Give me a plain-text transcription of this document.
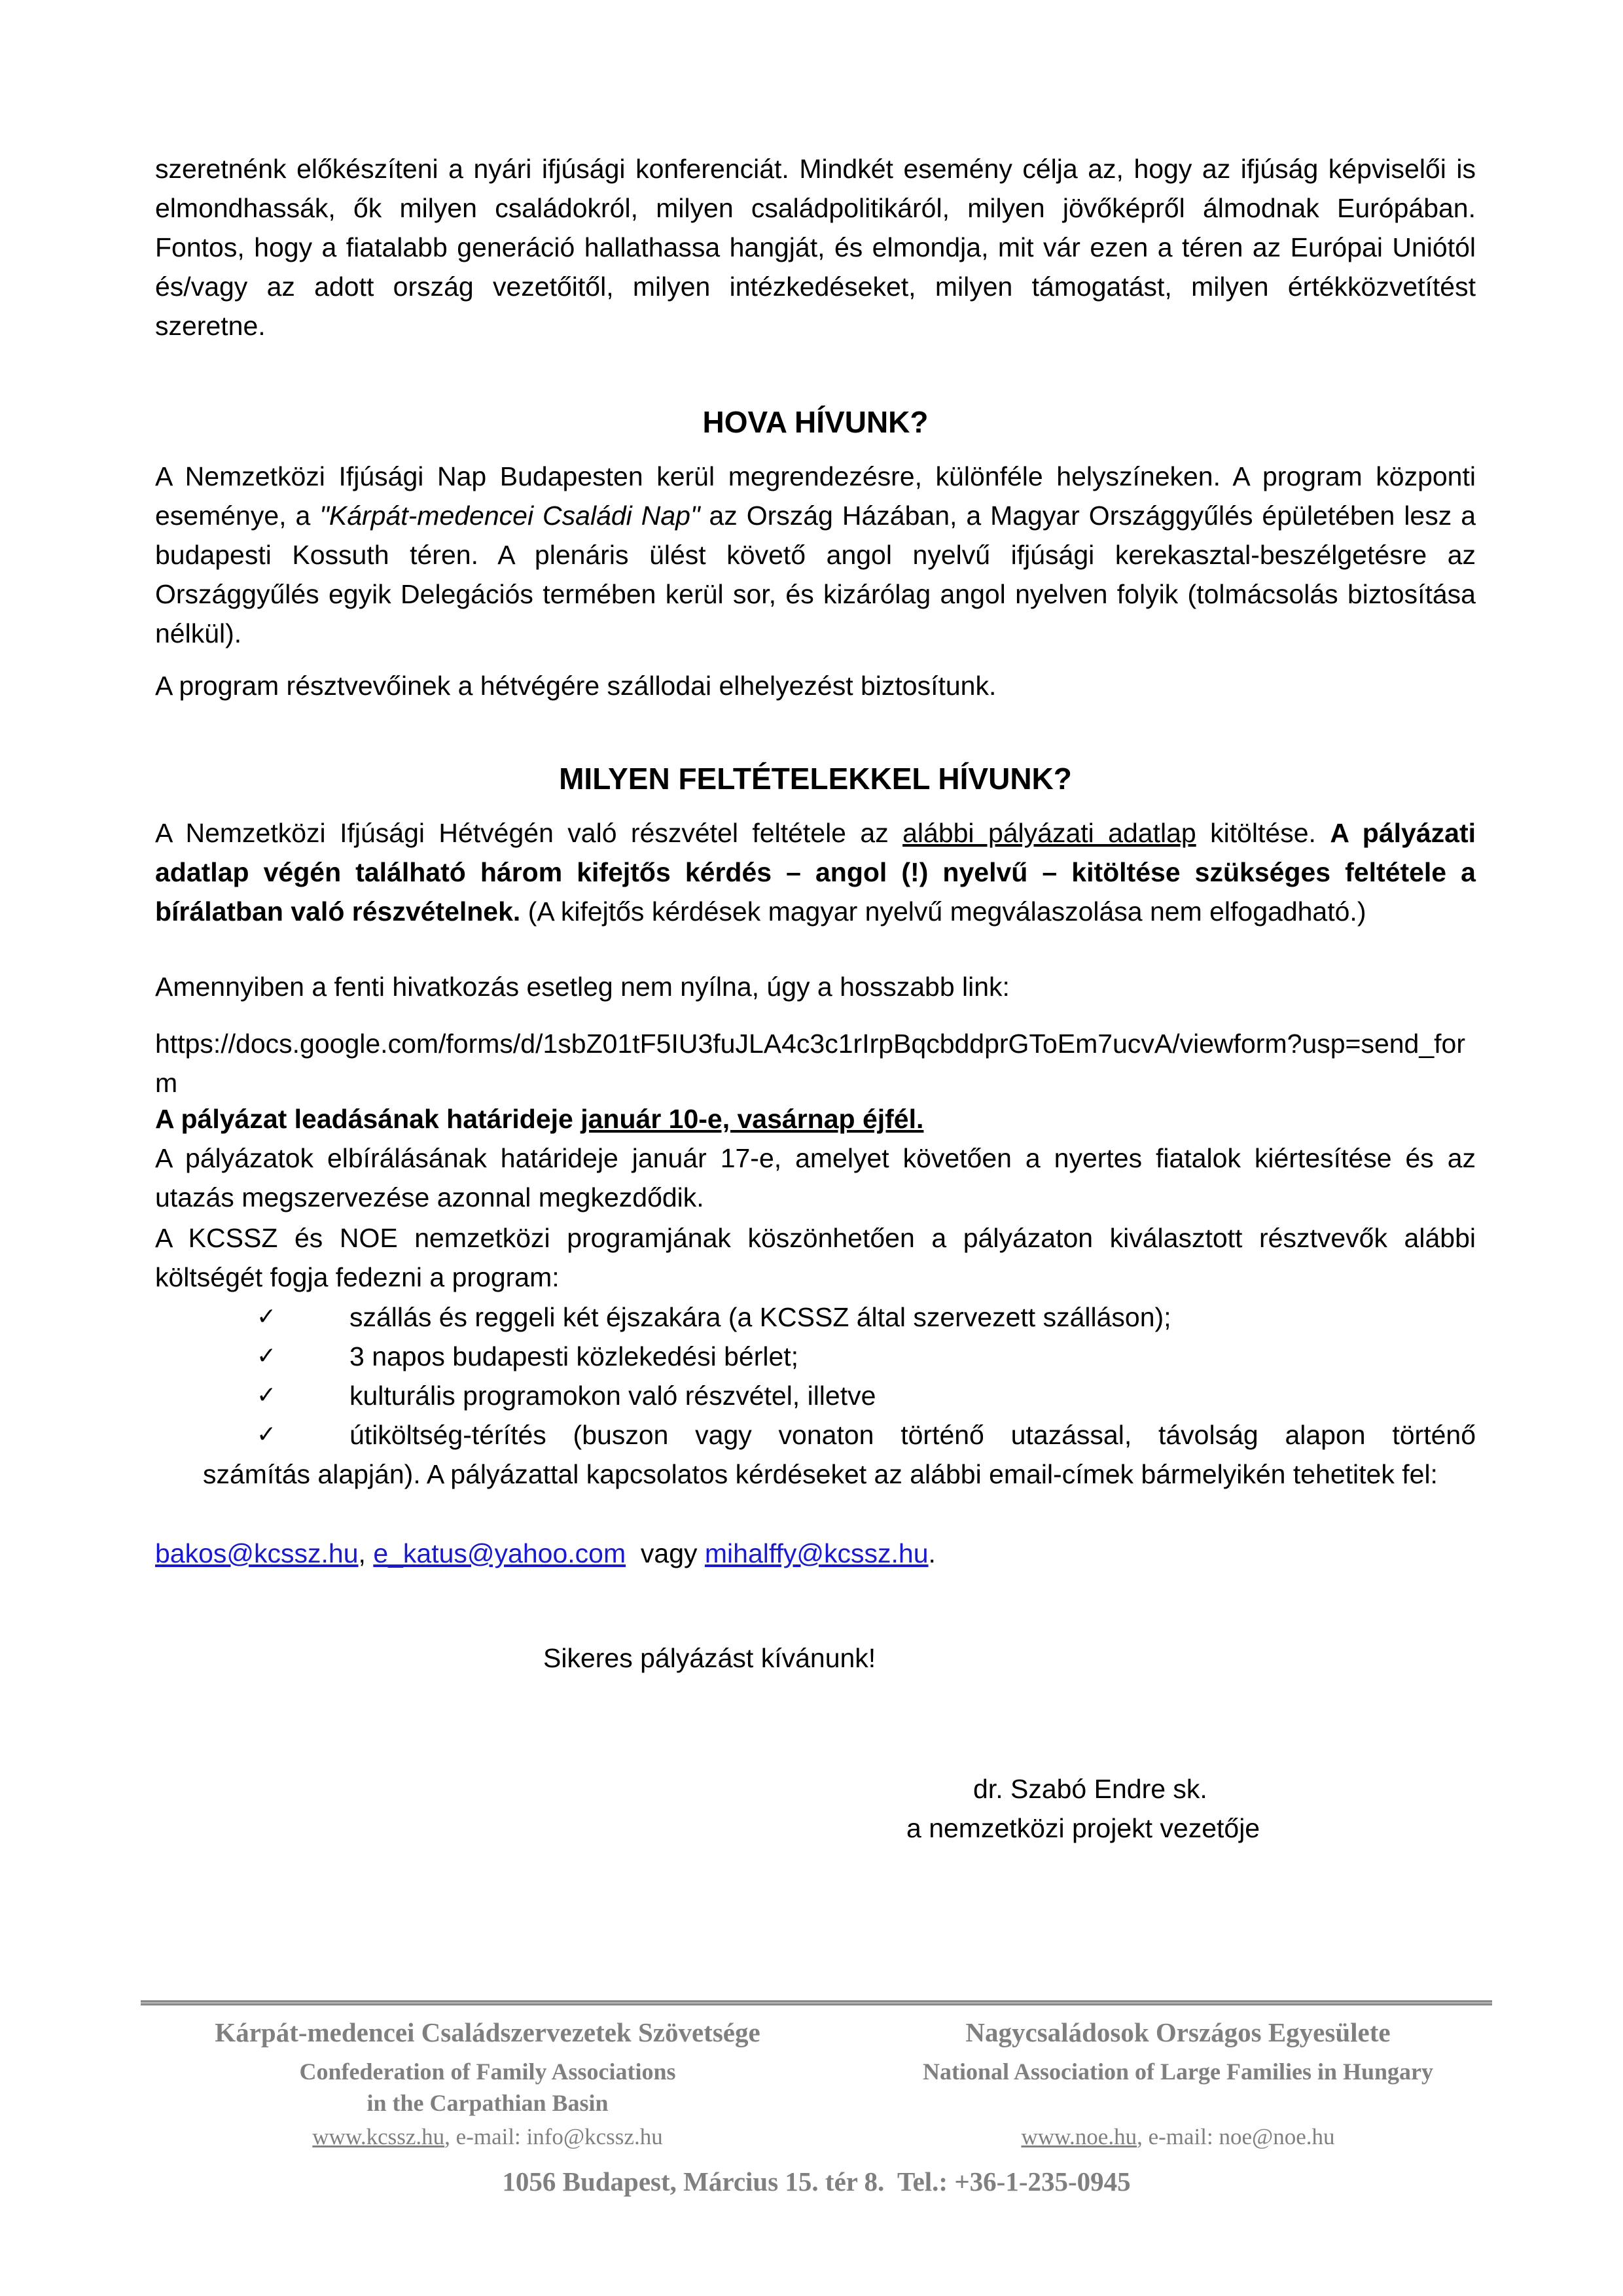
szeretnénk előkészíteni a nyári ifjúsági konferenciát. Mindkét esemény célja az, hogy az ifjúság képviselői is elmondhassák, ők milyen családokról, milyen családpolitikáról, milyen jövőképről álmodnak Európában. Fontos, hogy a fiatalabb generáció hallathassa hangját, és elmondja, mit vár ezen a téren az Európai Uniótól és/vagy az adott ország vezetőitől, milyen intézkedéseket, milyen támogatást, milyen értékközvetítést szeretne.
HOVA HÍVUNK?
A Nemzetközi Ifjúsági Nap Budapesten kerül megrendezésre, különféle helyszíneken. A program központi eseménye, a "Kárpát-medencei Családi Nap" az Ország Házában, a Magyar Országgyűlés épületében lesz a budapesti Kossuth téren. A plenáris ülést követő angol nyelvű ifjúsági kerekasztal-beszélgetésre az Országgyűlés egyik Delegációs termében kerül sor, és kizárólag angol nyelven folyik (tolmácsolás biztosítása nélkül).
A program résztvevőinek a hétvégére szállodai elhelyezést biztosítunk.
MILYEN FELTÉTELEKKEL HÍVUNK?
A Nemzetközi Ifjúsági Hétvégén való részvétel feltétele az alábbi pályázati adatlap kitöltése. A pályázati adatlap végén található három kifejtős kérdés – angol (!) nyelvű – kitöltése szükséges feltétele a bírálatban való részvételnek. (A kifejtős kérdések magyar nyelvű megválaszolása nem elfogadható.)
Amennyiben a fenti hivatkozás esetleg nem nyílna, úgy a hosszabb link:
https://docs.google.com/forms/d/1sbZ01tF5IU3fuJLA4c3c1rIrpBqcbddprGToEm7ucvA/viewform?usp=send_form
A pályázat leadásának határideje január 10-e, vasárnap éjfél.
A pályázatok elbírálásának határideje január 17-e, amelyet követően a nyertes fiatalok kiértesítése és az utazás megszervezése azonnal megkezdődik.
A KCSSZ és NOE nemzetközi programjának köszönhetően a pályázaton kiválasztott résztvevők alábbi költségét fogja fedezni a program:
✓	szállás és reggeli két éjszakára (a KCSSZ által szervezett szálláson);
✓	3 napos budapesti közlekedési bérlet;
✓	kulturális programokon való részvétel, illetve
✓	útiköltség-térítés (buszon vagy vonaton történő utazással, távolság alapon történő
számítás alapján). A pályázattal kapcsolatos kérdéseket az alábbi email-címek bármelyikén tehetitek fel:
bakos@kcssz.hu, e_katus@yahoo.com  vagy mihalffy@kcssz.hu.
Sikeres pályázást kívánunk!
dr. Szabó Endre sk.
a nemzetközi projekt vezetője
Kárpát-medencei Családszervezetek Szövetsége
Confederation of Family Associations
in the Carpathian Basin
www.kcssz.hu, e-mail: info@kcssz.hu
Nagycsaládosok Országos Egyesülete
National Association of Large Families in Hungary
www.noe.hu, e-mail: noe@noe.hu
1056 Budapest, Március 15. tér 8.  Tel.: +36-1-235-0945
